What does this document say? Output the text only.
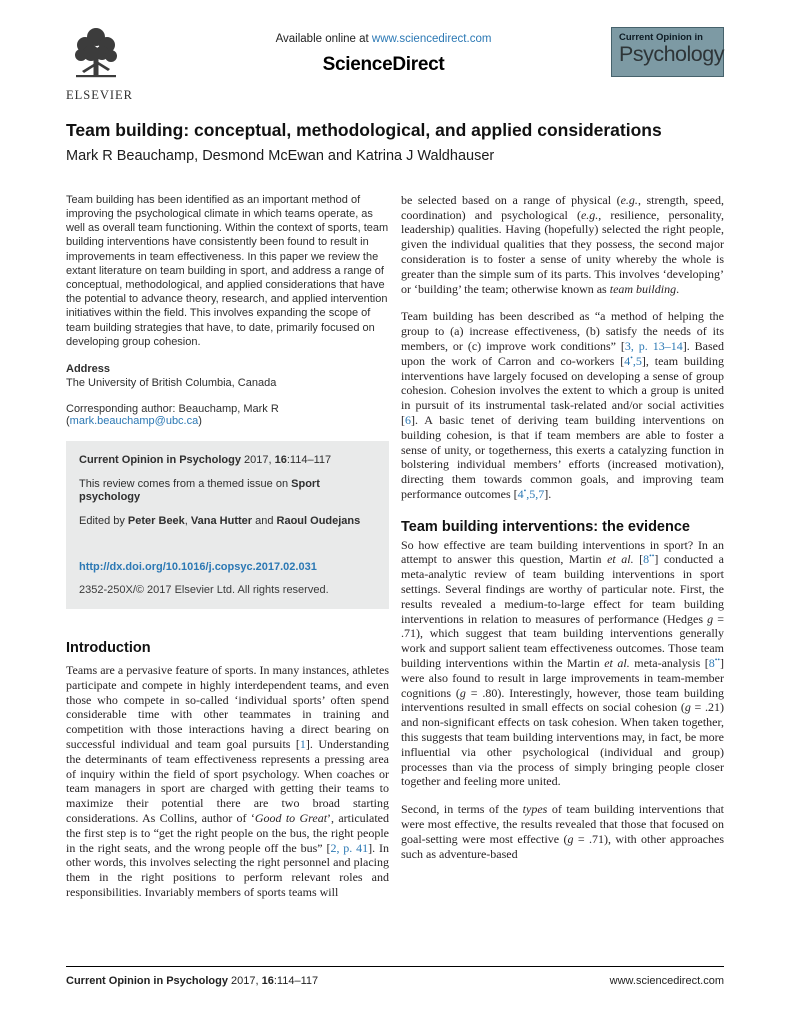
ELSEVIER
Available online at www.sciencedirect.com
ScienceDirect
Current Opinion in
Psychology
Team building: conceptual, methodological, and applied considerations
Mark R Beauchamp, Desmond McEwan and Katrina J Waldhauser
Team building has been identified as an important method of improving the psychological climate in which teams operate, as well as overall team functioning. Within the context of sports, team building interventions have consistently been found to result in improvements in team effectiveness. In this paper we review the extant literature on team building in sport, and address a range of conceptual, methodological, and applied considerations that have the potential to advance theory, research, and applied intervention initiatives within the field. This involves expanding the scope of team building strategies that have, to date, primarily focused on developing group cohesion.
Address
The University of British Columbia, Canada
Corresponding author: Beauchamp, Mark R (mark.beauchamp@ubc.ca)
Current Opinion in Psychology 2017, 16:114–117
This review comes from a themed issue on Sport psychology
Edited by Peter Beek, Vana Hutter and Raoul Oudejans
http://dx.doi.org/10.1016/j.copsyc.2017.02.031
2352-250X/© 2017 Elsevier Ltd. All rights reserved.
Introduction
Teams are a pervasive feature of sports. In many instances, athletes participate and compete in highly interdependent teams, and even those who compete in so-called ‘individual sports’ often spend considerable time with other teammates in training and competition with those interactions having a direct bearing on successful individual and team goal pursuits [1]. Understanding the determinants of team effectiveness represents a pressing area of inquiry within the field of sport psychology. When coaches or team managers in sport are charged with getting their teams to maximize their potential there are two broad starting considerations. As Collins, author of ‘Good to Great’, articulated the first step is to “get the right people on the bus, the right people in the right seats, and the wrong people off the bus” [2, p. 41]. In other words, this involves selecting the right personnel and placing them in the right positions to perform relevant roles and responsibilities. Invariably members of sports teams will
be selected based on a range of physical (e.g., strength, speed, coordination) and psychological (e.g., resilience, personality, leadership) qualities. Having (hopefully) selected the right people, given the individual qualities that they possess, the second major consideration is to foster a sense of unity whereby the whole is greater than the simple sum of its parts. This involves ‘developing’ or ‘building’ the team; otherwise known as team building.
Team building has been described as “a method of helping the group to (a) increase effectiveness, (b) satisfy the needs of its members, or (c) improve work conditions” [3, p. 13–14]. Based upon the work of Carron and co-workers [4•,5], team building interventions have largely focused on developing a sense of group cohesion. Cohesion involves the extent to which a group is united in pursuit of its instrumental task-related and/or social activities [6]. A basic tenet of deriving team building interventions on building cohesion, is that if team members are able to foster a sense of unity, or togetherness, this exerts a catalyzing function in bolstering individual members’ efforts (increased motivation), directing them towards common goals, and improving team performance outcomes [4•,5,7].
Team building interventions: the evidence
So how effective are team building interventions in sport? In an attempt to answer this question, Martin et al. [8••] conducted a meta-analytic review of team building interventions in sport settings. Several findings are worthy of particular note. First, the results revealed a medium-to-large effect for team building interventions in relation to measures of performance (Hedges g = .71), which suggest that team building interventions generally work and support salient team effectiveness outcomes. Those team building interventions within the Martin et al. meta-analysis [8••] were also found to result in large improvements in team-member cognitions (g = .80). Interestingly, however, those team building interventions resulted in small effects on social cohesion (g = .21) and non-significant effects on task cohesion. When taken together, this suggests that team building interventions may, in fact, be more influential via other psychological (individual and group) processes than via the process of simply bringing people closer together and feeling more united.
Second, in terms of the types of team building interventions that were most effective, the results revealed that those that focused on goal-setting were most effective (g = .71), with other approaches such as adventure-based
Current Opinion in Psychology 2017, 16:114–117	www.sciencedirect.com
